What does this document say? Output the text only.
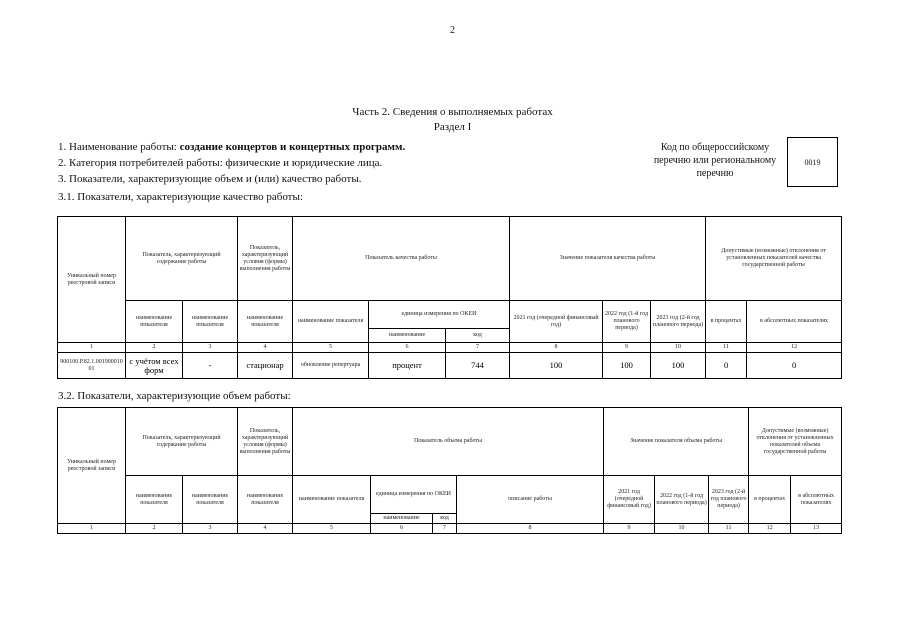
2
Часть 2. Сведения о выполняемых работах
Раздел I
1. Наименование работы: создание концертов и концертных программ.
2. Категория потребителей работы: физические и юридические лица.
3. Показатели, характеризующие объем и (или) качество работы.
3.1. Показатели, характеризующие качество работы:
Код по общероссийскому
перечню или региональному
перечню
0019
Уникальный номер реестровой записи	Показатель, характеризующий содержание работы		Показатель, характеризующий условия (формы) выполнения работы	Показатель качества работы			Значение показателя качества работы			Допустимые (возможные) отклонения от установленных показателей качества государственной работы	
	наименование показателя	наименование показателя	наименование показателя	наименование показателя	единица измерения по ОКЕИ		2021 год (очередной финансовый год)	2022 год (1-й год планового периода)	2023 год (2-й год планового периода)	в процентах	в абсолютных показателях
					наименование	код					
1	2	3	4	5	6	7	8	9	10	11	12
900100.Р.82.1.00190001001	с учётом всех форм	-	стационар	обновление репертуара	процент	744	100	100	100	0	0
3.2. Показатели, характеризующие объем работы:
Уникальный номер реестровой записи	Показатель, характеризующий содержание работы		Показатель, характеризующий условия (формы) выполнения работы	Показатель объема работы				Значение показателя объема работы			Допустимые (возможные) отклонения от установленных показателей объема государственной работы	
	наименование показателя	наименование показателя	наименование показателя	наименование показателя	единица измерения по ОКЕИ		описание работы	2021 год (очередной финансовый год)	2022 год (1-й год планового периода)	2023 год (2-й год планового периода)	в процентах	в абсолютных показателях
					наименование	код						
1	2	3	4	5	6	7	8	9	10	11	12	13
